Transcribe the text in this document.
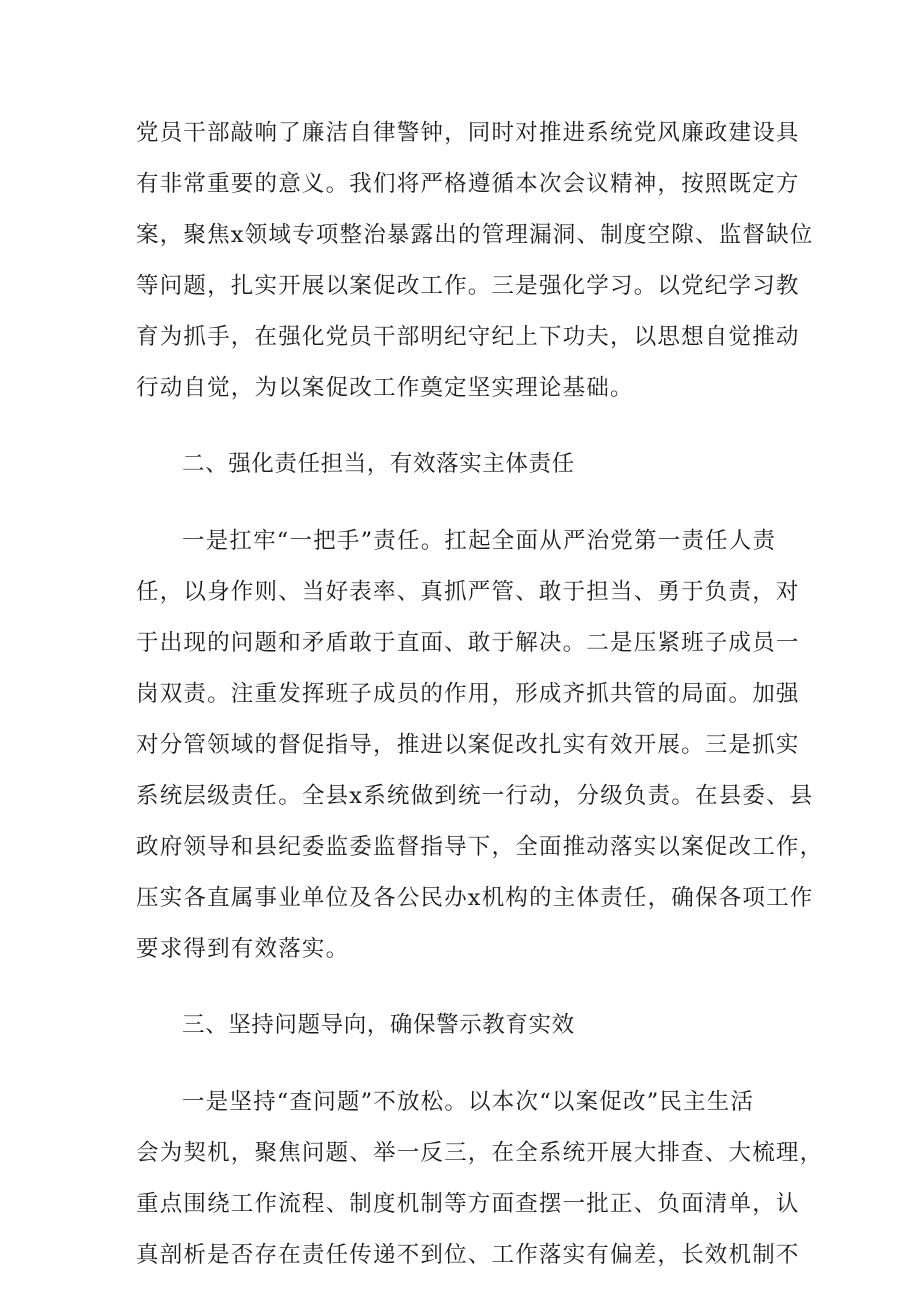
党员干部敲响了廉洁自律警钟，同时对推进系统党风廉政建设具
有非常重要的意义。我们将严格遵循本次会议精神，按照既定方
案，聚焦x领域专项整治暴露出的管理漏洞、制度空隙、监督缺位
等问题，扎实开展以案促改工作。三是强化学习。以党纪学习教
育为抓手，在强化党员干部明纪守纪上下功夫，以思想自觉推动
行动自觉，为以案促改工作奠定坚实理论基础。
二、强化责任担当，有效落实主体责任
一是扛牢“一把手”责任。扛起全面从严治党第一责任人责
任，以身作则、当好表率、真抓严管、敢于担当、勇于负责，对
于出现的问题和矛盾敢于直面、敢于解决。二是压紧班子成员一
岗双责。注重发挥班子成员的作用，形成齐抓共管的局面。加强
对分管领域的督促指导，推进以案促改扎实有效开展。三是抓实
系统层级责任。全县x系统做到统一行动，分级负责。在县委、县
政府领导和县纪委监委监督指导下，全面推动落实以案促改工作，
压实各直属事业单位及各公民办x机构的主体责任，确保各项工作
要求得到有效落实。
三、坚持问题导向，确保警示教育实效
一是坚持“查问题”不放松。以本次“以案促改”民主生活
会为契机，聚焦问题、举一反三，在全系统开展大排查、大梳理，
重点围绕工作流程、制度机制等方面查摆一批正、负面清单，认
真剖析是否存在责任传递不到位、工作落实有偏差，长效机制不
